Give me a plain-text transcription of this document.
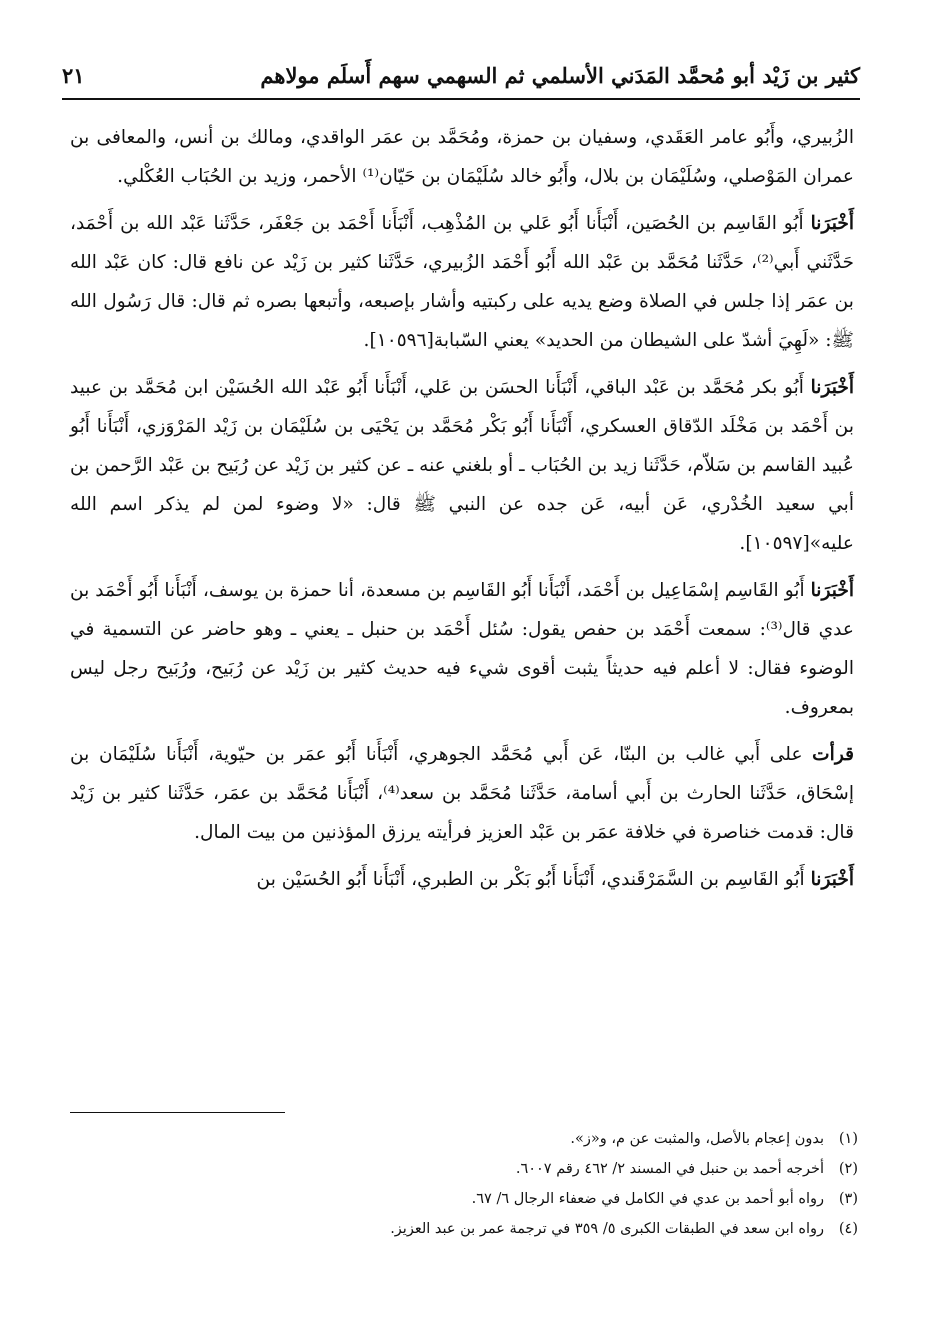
كثير بن زَيْد أبو مُحمَّد المَدَني الأسلمي ثم السهمي سهم أَسلَم مولاهم
٢١

الزُبيري، وأَبُو عامر العَقَدي، وسفيان بن حمزة، ومُحَمَّد بن عمَر الواقدي، ومالك بن أنس، والمعافى بن عمران المَوْصلي، وسُلَيْمَان بن بلال، وأَبُو خالد سُلَيْمَان بن حَيّان⁽¹⁾ الأحمر، وزيد بن الحُبَاب العُكْلي.

أَخْبَرَنا أَبُو القَاسِم بن الحُصَين، أَنْبَأَنا أَبُو عَلي بن المُذْهِب، أَنْبَأَنا أَحْمَد بن جَعْفَر، حَدَّثَنا عَبْد الله بن أَحْمَد، حَدَّثَني أَبي⁽²⁾، حَدَّثَنا مُحَمَّد بن عَبْد الله أَبُو أَحْمَد الزُبيري، حَدَّثَنا كثير بن زَيْد عن نافع قال: كان عَبْد الله بن عمَر إذا جلس في الصلاة وضع يديه على ركبتيه وأشار بإصبعه، وأتبعها بصره ثم قال: قال رَسُول الله ﷺ: «لَهِيَ أشدّ على الشيطان من الحديد» يعني السّبابة[١٠٥٩٦].

أَخْبَرَنا أَبُو بكر مُحَمَّد بن عَبْد الباقي، أَنْبَأَنا الحسَن بن عَلي، أَنْبَأَنا أَبُو عَبْد الله الحُسَيْن ابن مُحَمَّد بن عبيد بن أَحْمَد بن مَخْلَد الدّقاق العسكري، أَنْبَأَنا أَبُو بَكْر مُحَمَّد بن يَحْيَى بن سُلَيْمَان بن زَيْد المَرْوَزي، أَنْبَأَنا أَبُو عُبيد القاسم بن سَلاّم، حَدَّثَنا زيد بن الحُبَاب ـ أو بلغني عنه ـ عن كثير بن زَيْد عن رُبَيح بن عَبْد الرَّحمن بن أبي سعيد الخُدْري، عَن أبيه، عَن جده عن النبي ﷺ قال: «لا وضوء لمن لم يذكر اسم الله عليه»[١٠٥٩٧].

أَخْبَرَنا أَبُو القَاسِم إسْمَاعِيل بن أَحْمَد، أَنْبَأَنا أَبُو القَاسِم بن مسعدة، أنا حمزة بن يوسف، أَنْبَأَنا أَبُو أَحْمَد بن عدي قال⁽³⁾: سمعت أَحْمَد بن حفص يقول: سُئل أَحْمَد بن حنبل ـ يعني ـ وهو حاضر عن التسمية في الوضوء فقال: لا أعلم فيه حديثاً يثبت أقوى شيء فيه حديث كثير بن زَيْد عن رُبَيح، ورُبَيح رجل ليس بمعروف.

قرأت على أَبي غالب بن البنّا، عَن أَبي مُحَمَّد الجوهري، أَنْبَأَنا أَبُو عمَر بن حيّوية، أَنْبَأَنا سُلَيْمَان بن إسْحَاق، حَدَّثَنا الحارث بن أَبي أسامة، حَدَّثَنا مُحَمَّد بن سعد⁽⁴⁾، أَنْبَأَنا مُحَمَّد بن عمَر، حَدَّثَنا كثير بن زَيْد قال: قدمت خناصرة في خلافة عمَر بن عَبْد العزيز فرأيته يرزق المؤذنين من بيت المال.

أَخْبَرَنا أَبُو القَاسِم بن السَّمَرْقَندي، أَنْبَأَنا أَبُو بَكْر بن الطبري، أَنْبَأَنا أَبُو الحُسَيْن بن

(١)
بدون إعجام بالأصل، والمثبت عن م، و«ز».
(٢)
أخرجه أحمد بن حنبل في المسند ٢/ ٤٦٢ رقم ٦٠٠٧.
(٣)
رواه أبو أحمد بن عدي في الكامل في ضعفاء الرجال ٦/ ٦٧.
(٤)
رواه ابن سعد في الطبقات الكبرى ٥/ ٣٥٩ في ترجمة عمر بن عبد العزيز.
